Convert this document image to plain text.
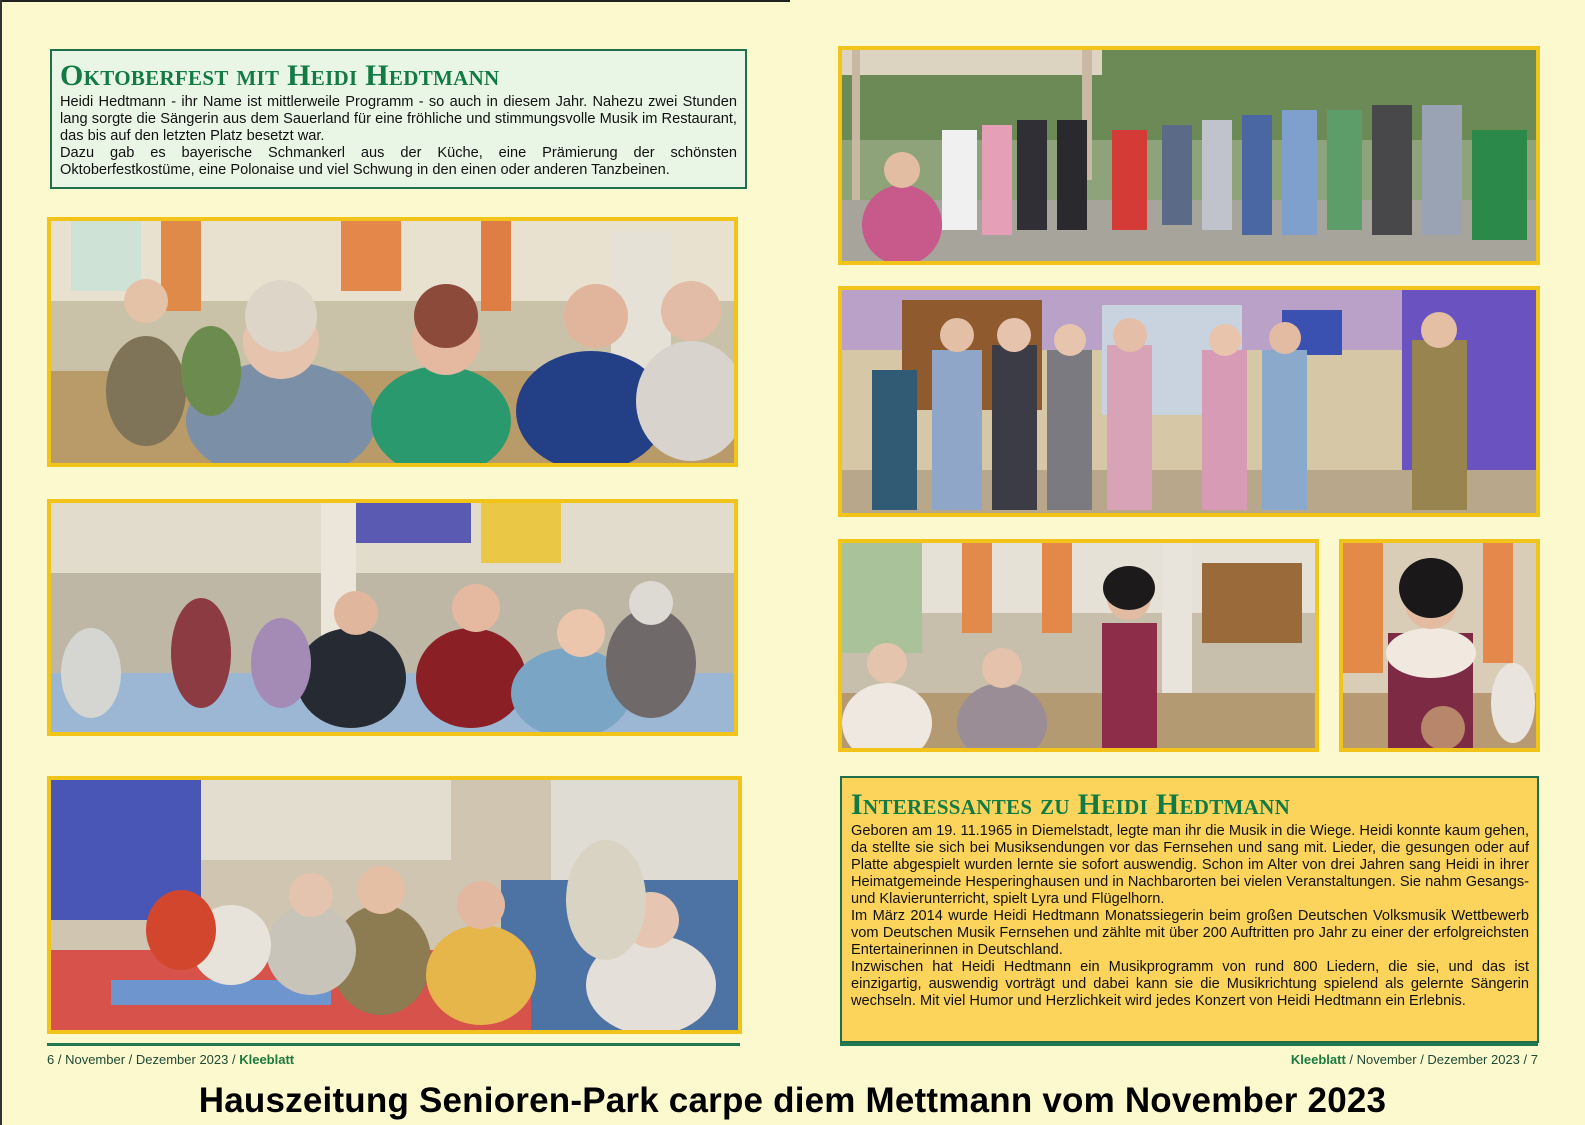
Oktoberfest mit Heidi Hedtmann

Heidi Hedtmann - ihr Name ist mittlerweile Programm - so auch in diesem Jahr. Nahezu zwei Stunden lang sorgte die Sängerin aus dem Sauerland für eine fröhliche und stimmungsvolle Musik im Restaurant, das bis auf den letzten Platz besetzt war.

Dazu gab es bayerische Schmankerl aus der Küche, eine Prämierung der schönsten Oktoberfestkostüme, eine Polonaise und viel Schwung in den einen oder anderen Tanzbeinen.

6 / November / Dezember 2023 / Kleeblatt
Interessantes zu Heidi Hedtmann

Geboren am 19. 11.1965 in Diemelstadt, legte man ihr die Musik in die Wiege. Heidi konnte kaum gehen, da stellte sie sich bei Musiksendungen vor das Fernsehen und sang mit. Lieder, die gesungen oder auf Platte abgespielt wurden lernte sie sofort auswendig. Schon im Alter von drei Jahren sang Heidi in ihrer Heimatgemeinde Hesperinghausen und in Nachbarorten bei vielen Veranstaltungen. Sie nahm Gesangs- und Klavierunterricht, spielt Lyra und Flügelhorn.

Im März 2014 wurde Heidi Hedtmann Monatssiegerin beim großen Deutschen Volksmusik Wettbewerb vom Deutschen Musik Fernsehen und zählte mit über 200 Auftritten pro Jahr zu einer der erfolgreichsten Entertainerinnen in Deutschland.

Inzwischen hat Heidi Hedtmann ein Musikprogramm von rund 800 Liedern, die sie, und das ist einzigartig, auswendig vorträgt und dabei kann sie die Musikrichtung spielend als gelernte Sängerin wechseln. Mit viel Humor und Herzlichkeit wird jedes Konzert von Heidi Hedtmann ein Erlebnis.

Kleeblatt / November / Dezember 2023 / 7
Hauszeitung Senioren-Park carpe diem Mettmann vom November 2023
